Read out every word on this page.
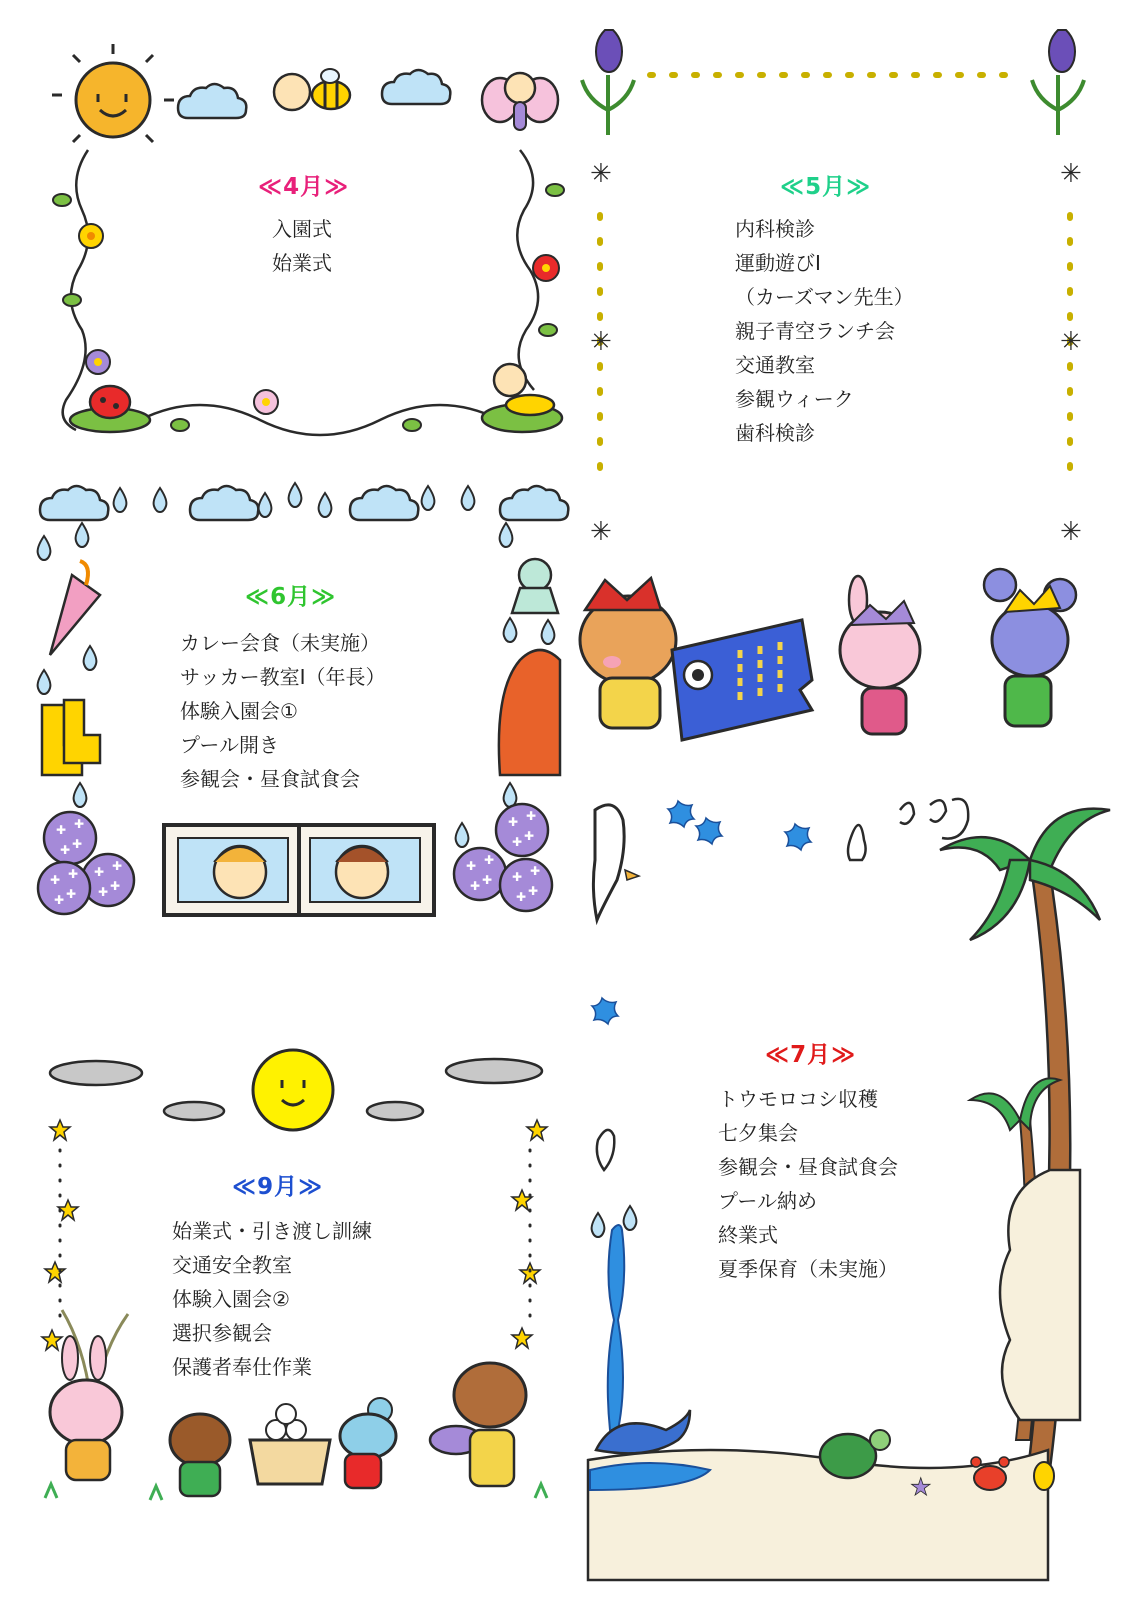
✚
✳	✳
✳	✳
✳	✳
★
≪4月≫
入園式
始業式
≪5月≫
内科検診
運動遊びⅠ
（カーズマン先生）
親子青空ランチ会
交通教室
参観ウィーク
歯科検診
≪6月≫
カレー会食（未実施）
サッカー教室Ⅰ（年長）
体験入園会①
プール開き
参観会・昼食試食会
≪7月≫
トウモロコシ収穫
七夕集会
参観会・昼食試食会
プール納め
終業式
夏季保育（未実施）
≪9月≫
始業式・引き渡し訓練
交通安全教室
体験入園会②
選択参観会
保護者奉仕作業
